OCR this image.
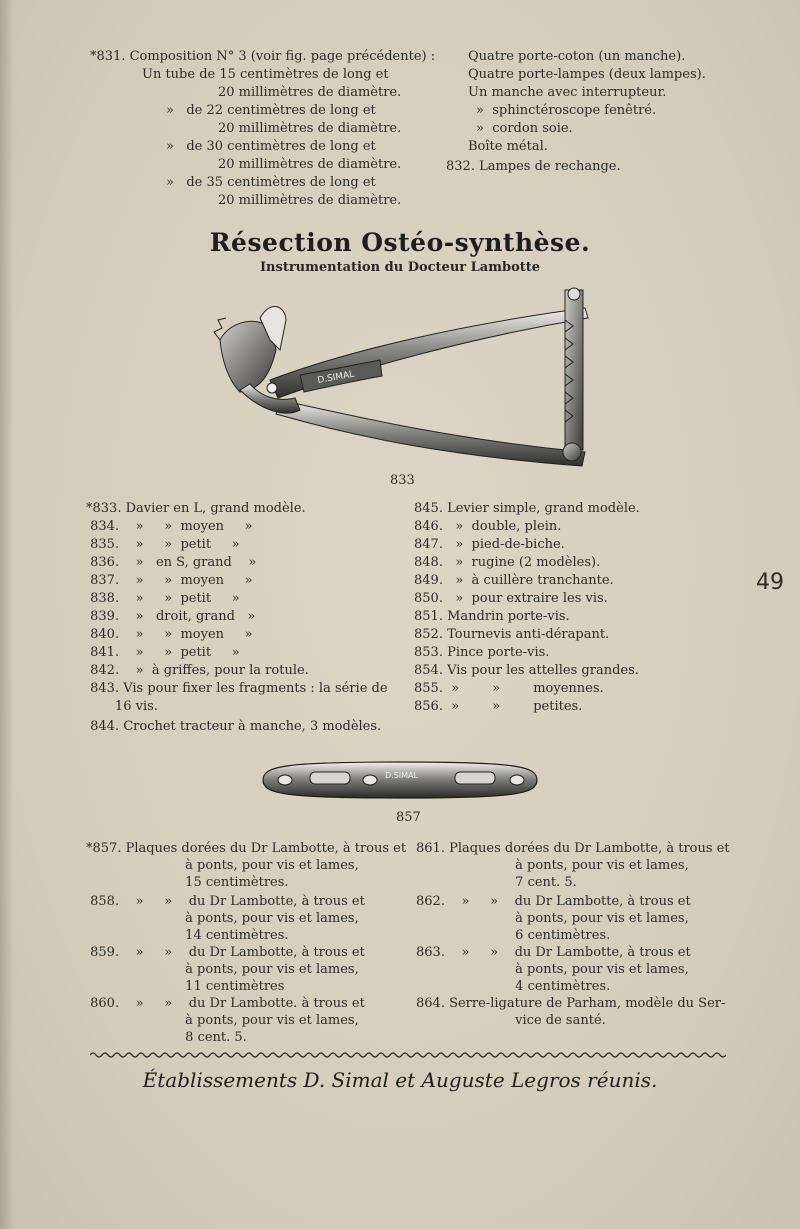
*831. Composition N° 3 (voir fig. page précédente) :
Un tube de 15 centimètres de long et
20 millimètres de diamètre.
»   de 22 centimètres de long et
20 millimètres de diamètre.
»   de 30 centimètres de long et
20 millimètres de diamètre.
»   de 35 centimètres de long et
20 millimètres de diamètre.
Quatre porte-coton (un manche).
Quatre porte-lampes (deux lampes).
Un manche avec interrupteur.
»  sphinctéroscope fenêtré.
»  cordon soie.
Boîte métal.
832. Lampes de rechange.
Résection Ostéo-synthèse.
Instrumentation du Docteur Lambotte
D.SIMAL
833
*833. Davier en L, grand modèle.
834.    »     »  moyen     »
835.    »     »  petit     »
836.    »   en S, grand    »
837.    »     »  moyen     »
838.    »     »  petit     »
839.    »   droit, grand   »
840.    »     »  moyen     »
841.    »     »  petit     »
842.    »  à griffes, pour la rotule.
843. Vis pour fixer les fragments : la série de
16 vis.
844. Crochet tracteur à manche, 3 modèles.
845. Levier simple, grand modèle.
846.   »  double, plein.
847.   »  pied-de-biche.
848.   »  rugine (2 modèles).
849.   »  à cuillère tranchante.
850.   »  pour extraire les vis.
851. Mandrin porte-vis.
852. Tournevis anti-dérapant.
853. Pince porte-vis.
854. Vis pour les attelles grandes.
855.  »        »        moyennes.
856.  »        »        petites.
49
D.SIMAL
857
*857. Plaques dorées du Dr Lambotte, à trous et
à ponts, pour vis et lames,
15 centimètres.
858.    »     »    du Dr Lambotte, à trous et
à ponts, pour vis et lames,
14 centimètres.
859.    »     »    du Dr Lambotte, à trous et
à ponts, pour vis et lames,
11 centimètres
860.    »     »    du Dr Lambotte. à trous et
à ponts, pour vis et lames,
8 cent. 5.
861. Plaques dorées du Dr Lambotte, à trous et
à ponts, pour vis et lames,
7 cent. 5.
862.    »     »    du Dr Lambotte, à trous et
à ponts, pour vis et lames,
6 centimètres.
863.    »     »    du Dr Lambotte, à trous et
à ponts, pour vis et lames,
4 centimètres.
864. Serre-ligature de Parham, modèle du Ser-
vice de santé.
Établissements D. Simal et Auguste Legros réunis.
